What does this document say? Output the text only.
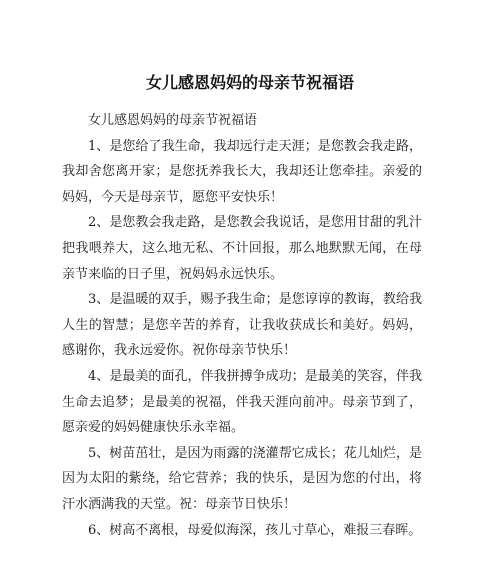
女儿感恩妈妈的母亲节祝福语

女儿感恩妈妈的母亲节祝福语

1、是您给了我生命，我却远行走天涯；是您教会我走路，我却舍您离开家；是您抚养我长大，我却还让您牵挂。亲爱的妈妈，今天是母亲节，愿您平安快乐！

2、是您教会我走路，是您教会我说话，是您用甘甜的乳汁把我喂养大，这么地无私、不计回报，那么地默默无闻，在母亲节来临的日子里，祝妈妈永远快乐。

3、是温暖的双手，赐予我生命；是您谆谆的教诲，教给我人生的智慧；是您辛苦的养育，让我收获成长和美好。妈妈，感谢你，我永远爱你。祝你母亲节快乐！

4、是最美的面孔，伴我拼搏争成功；是最美的笑容，伴我生命去追梦；是最美的祝福，伴我天涯向前冲。母亲节到了，愿亲爱的妈妈健康快乐永幸福。

5、树苗茁壮，是因为雨露的浇灌帮它成长；花儿灿烂，是因为太阳的紫绕，给它营养；我的快乐，是因为您的付出，将汗水洒满我的天堂。祝：母亲节日快乐！

6、树高不离根，母爱似海深，孩儿寸草心，难报三春晖。
